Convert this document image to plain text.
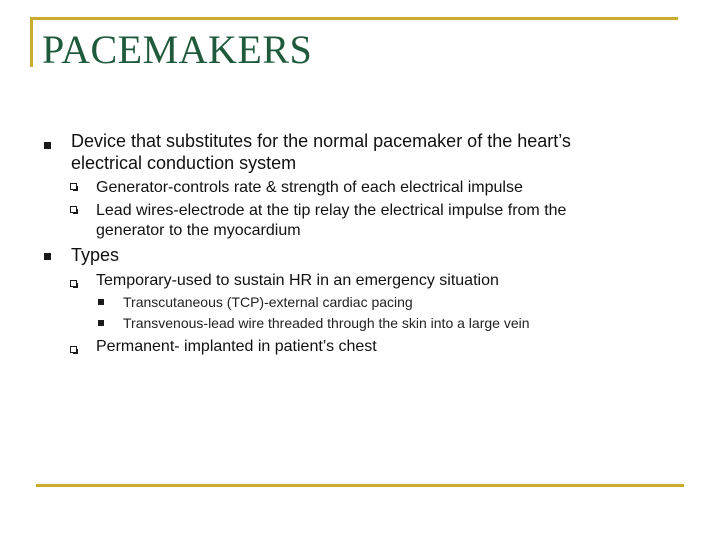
PACEMAKERS
Device that substitutes for the normal pacemaker of the heart’s
electrical conduction system
Generator-controls rate & strength of each electrical impulse
Lead wires-electrode at the tip relay the electrical impulse from the
generator to the myocardium
Types
Temporary-used to sustain HR in an emergency situation
Transcutaneous (TCP)-external cardiac pacing
Transvenous-lead wire threaded through the skin into a large vein
Permanent- implanted in patient’s chest
